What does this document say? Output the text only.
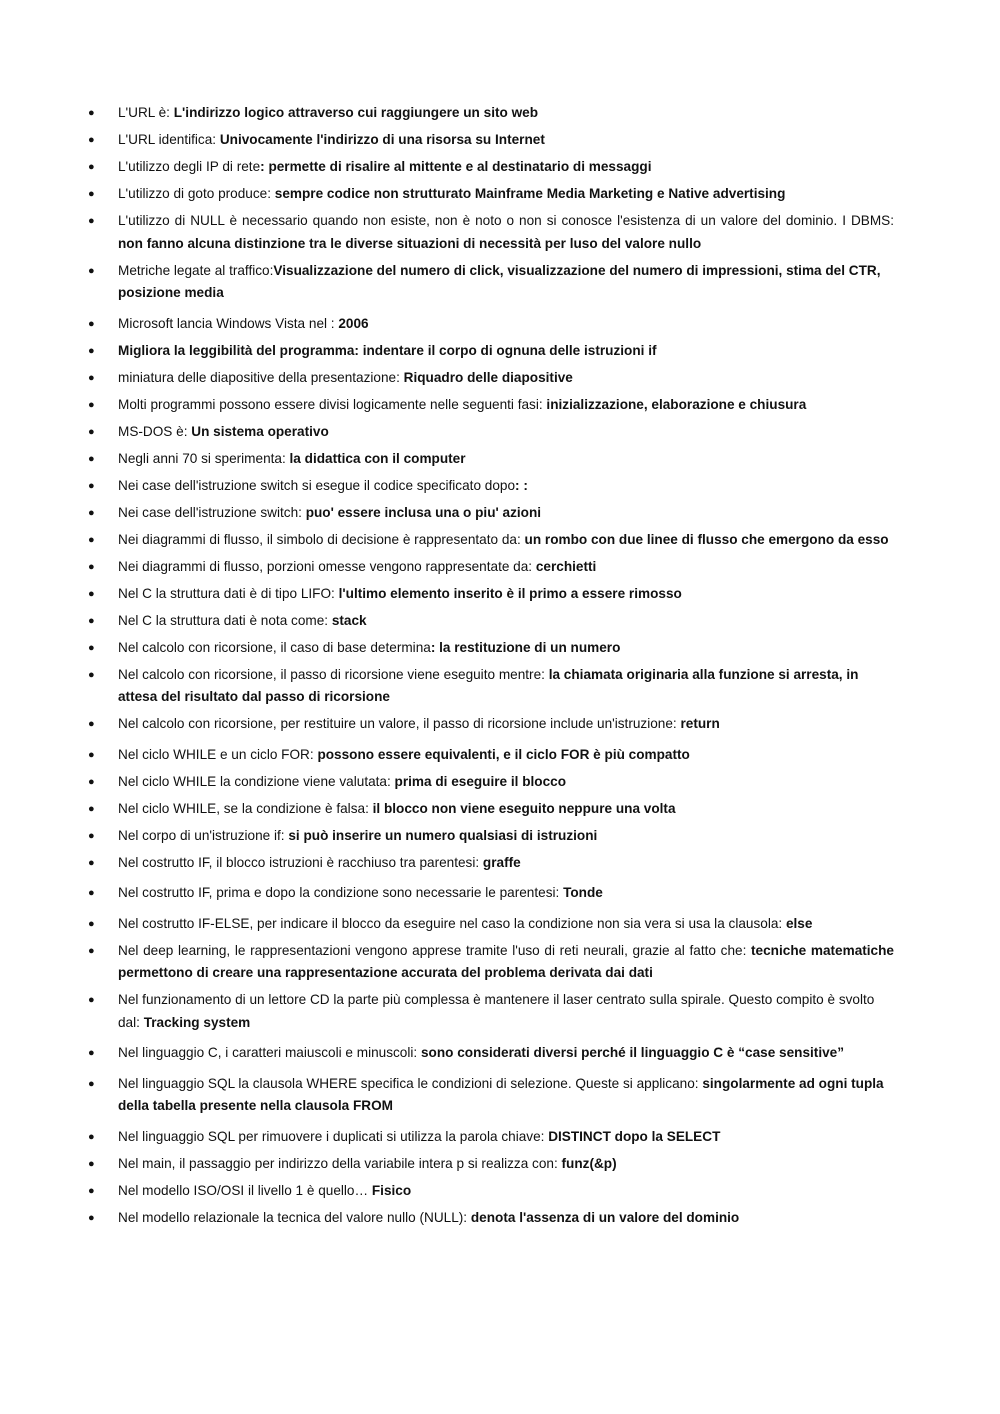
●	L'URL è: L'indirizzo logico attraverso cui raggiungere un sito web
●	L'URL identifica: Univocamente l'indirizzo di una risorsa su Internet
●	L'utilizzo degli IP di rete: permette di risalire al mittente e al destinatario di messaggi
●	L'utilizzo di goto produce: sempre codice non strutturato Mainframe Media Marketing e Native advertising
●	L'utilizzo di NULL è necessario quando non esiste, non è noto o non si conosce l'esistenza di un valore del dominio. I DBMS: non fanno alcuna distinzione tra le diverse situazioni di necessità per luso del valore nullo
●	Metriche legate al traffico:Visualizzazione del numero di click, visualizzazione del numero di impressioni, stima del CTR, posizione media
●	Microsoft lancia Windows Vista nel : 2006
●	Migliora la leggibilità del programma: indentare il corpo di ognuna delle istruzioni if
●	miniatura delle diapositive della presentazione: Riquadro delle diapositive
●	Molti programmi possono essere divisi logicamente nelle seguenti fasi: inizializzazione, elaborazione e chiusura
●	MS-DOS è: Un sistema operativo
●	Negli anni 70 si sperimenta: la didattica con il computer
●	Nei case dell'istruzione switch si esegue il codice specificato dopo: :
●	Nei case dell'istruzione switch: puo' essere inclusa una o piu' azioni
●	Nei diagrammi di flusso, il simbolo di decisione è rappresentato da: un rombo con due linee di flusso che emergono da esso
●	Nei diagrammi di flusso, porzioni omesse vengono rappresentate da: cerchietti
●	Nel C la struttura dati è di tipo LIFO: l'ultimo elemento inserito è il primo a essere rimosso
●	Nel C la struttura dati è nota come: stack
●	Nel calcolo con ricorsione, il caso di base determina: la restituzione di un numero
●	Nel calcolo con ricorsione, il passo di ricorsione viene eseguito mentre: la chiamata originaria alla funzione si arresta, in attesa del risultato dal passo di ricorsione
●	Nel calcolo con ricorsione, per restituire un valore, il passo di ricorsione include un'istruzione: return
●	Nel ciclo WHILE e un ciclo FOR: possono essere equivalenti, e il ciclo FOR è più compatto
●	Nel ciclo WHILE la condizione viene valutata: prima di eseguire il blocco
●	Nel ciclo WHILE, se la condizione è falsa: il blocco non viene eseguito neppure una volta
●	Nel corpo di un'istruzione if: si può inserire un numero qualsiasi di istruzioni
●	Nel costrutto IF, il blocco istruzioni è racchiuso tra parentesi: graffe
●	Nel costrutto IF, prima e dopo la condizione sono necessarie le parentesi: Tonde
●	Nel costrutto IF-ELSE, per indicare il blocco da eseguire nel caso la condizione non sia vera si usa la clausola: else
●	Nel deep learning, le rappresentazioni vengono apprese tramite l'uso di reti neurali, grazie al fatto che: tecniche matematiche permettono di creare una rappresentazione accurata del problema derivata dai dati
●	Nel funzionamento di un lettore CD la parte più complessa è mantenere il laser centrato sulla spirale. Questo compito è svolto dal: Tracking system
●	Nel linguaggio C, i caratteri maiuscoli e minuscoli: sono considerati diversi perché il linguaggio C è “case sensitive”
●	Nel linguaggio SQL la clausola WHERE specifica le condizioni di selezione. Queste si applicano: singolarmente ad ogni tupla della tabella presente nella clausola FROM
●	Nel linguaggio SQL per rimuovere i duplicati si utilizza la parola chiave: DISTINCT dopo la SELECT
●	Nel main, il passaggio per indirizzo della variabile intera p si realizza con: funz(&p)
●	Nel modello ISO/OSI il livello 1 è quello… Fisico
●	Nel modello relazionale la tecnica del valore nullo (NULL): denota l'assenza di un valore del dominio
